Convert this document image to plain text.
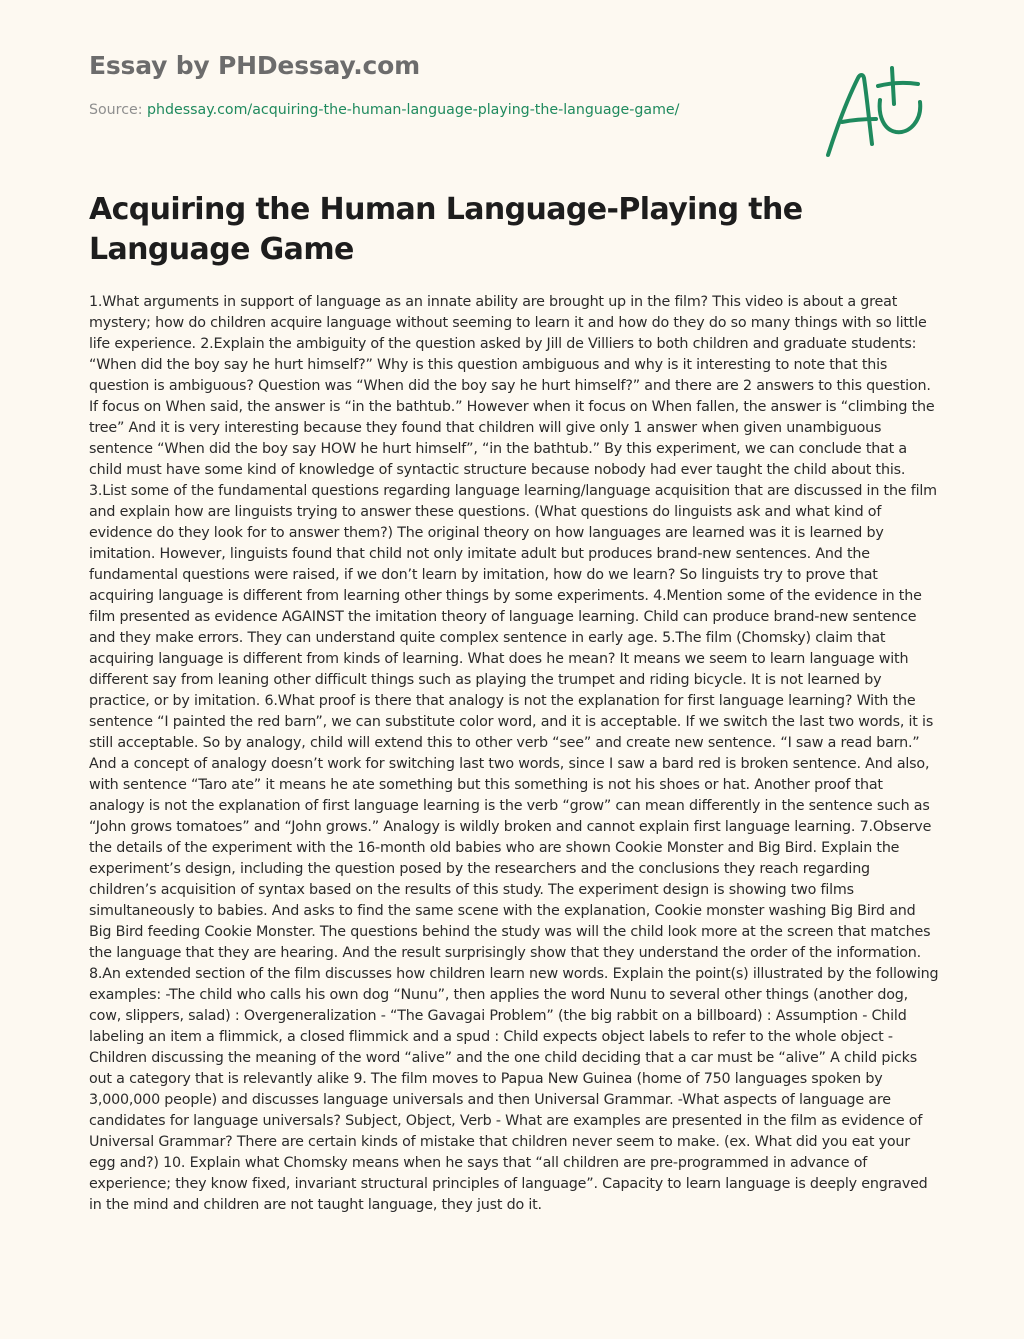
Essay by PHDessay.com
Source: phdessay.com/acquiring-the-human-language-playing-the-language-game/
Acquiring the Human Language-Playing the Language Game

1.What arguments in support of language as an innate ability are brought up in the film? This video is about a great mystery; how do children acquire language without seeming to learn it and how do they do so many things with so little life experience. 2.Explain the ambiguity of the question asked by Jill de Villiers to both children and graduate students: “When did the boy say he hurt himself?” Why is this question ambiguous and why is it interesting to note that this question is ambiguous? Question was “When did the boy say he hurt himself?” and there are 2 answers to this question. If focus on When said, the answer is “in the bathtub.” However when it focus on When fallen, the answer is “climbing the tree” And it is very interesting because they found that children will give only 1 answer when given unambiguous sentence “When did the boy say HOW he hurt himself”, “in the bathtub.” By this experiment, we can conclude that a child must have some kind of knowledge of syntactic structure because nobody had ever taught the child about this. 3.List some of the fundamental questions regarding language learning/language acquisition that are discussed in the film and explain how are linguists trying to answer these questions. (What questions do linguists ask and what kind of evidence do they look for to answer them?) The original theory on how languages are learned was it is learned by imitation. However, linguists found that child not only imitate adult but produces brand-new sentences. And the fundamental questions were raised, if we don’t learn by imitation, how do we learn? So linguists try to prove that acquiring language is different from learning other things by some experiments. 4.Mention some of the evidence in the film presented as evidence AGAINST the imitation theory of language learning. Child can produce brand-new sentence and they make errors. They can understand quite complex sentence in early age. 5.The film (Chomsky) claim that acquiring language is different from kinds of learning. What does he mean? It means we seem to learn language with different say from leaning other difficult things such as playing the trumpet and riding bicycle. It is not learned by practice, or by imitation. 6.What proof is there that analogy is not the explanation for first language learning? With the sentence “I painted the red barn”, we can substitute color word, and it is acceptable. If we switch the last two words, it is still acceptable. So by analogy, child will extend this to other verb “see” and create new sentence. “I saw a read barn.” And a concept of analogy doesn’t work for switching last two words, since I saw a bard red is broken sentence. And also, with sentence “Taro ate” it means he ate something but this something is not his shoes or hat. Another proof that analogy is not the explanation of first language learning is the verb “grow” can mean differently in the sentence such as “John grows tomatoes” and “John grows.” Analogy is wildly broken and cannot explain first language learning. 7.Observe the details of the experiment with the 16-month old babies who are shown Cookie Monster and Big Bird. Explain the experiment’s design, including the question posed by the researchers and the conclusions they reach regarding children’s acquisition of syntax based on the results of this study. The experiment design is showing two films simultaneously to babies. And asks to find the same scene with the explanation, Cookie monster washing Big Bird and Big Bird feeding Cookie Monster. The questions behind the study was will the child look more at the screen that matches the language that they are hearing. And the result surprisingly show that they understand the order of the information. 8.An extended section of the film discusses how children learn new words. Explain the point(s) illustrated by the following examples: -The child who calls his own dog “Nunu”, then applies the word Nunu to several other things (another dog, cow, slippers, salad) : Overgeneralization - “The Gavagai Problem” (the big rabbit on a billboard) : Assumption - Child labeling an item a flimmick, a closed flimmick and a spud : Child expects object labels to refer to the whole object - Children discussing the meaning of the word “alive” and the one child deciding that a car must be “alive” A child picks out a category that is relevantly alike 9. The film moves to Papua New Guinea (home of 750 languages spoken by 3,000,000 people) and discusses language universals and then Universal Grammar. -What aspects of language are candidates for language universals? Subject, Object, Verb - What are examples are presented in the film as evidence of Universal Grammar? There are certain kinds of mistake that children never seem to make. (ex. What did you eat your egg and?) 10. Explain what Chomsky means when he says that “all children are pre-programmed in advance of experience; they know fixed, invariant structural principles of language”. Capacity to learn language is deeply engraved in the mind and children are not taught language, they just do it.
